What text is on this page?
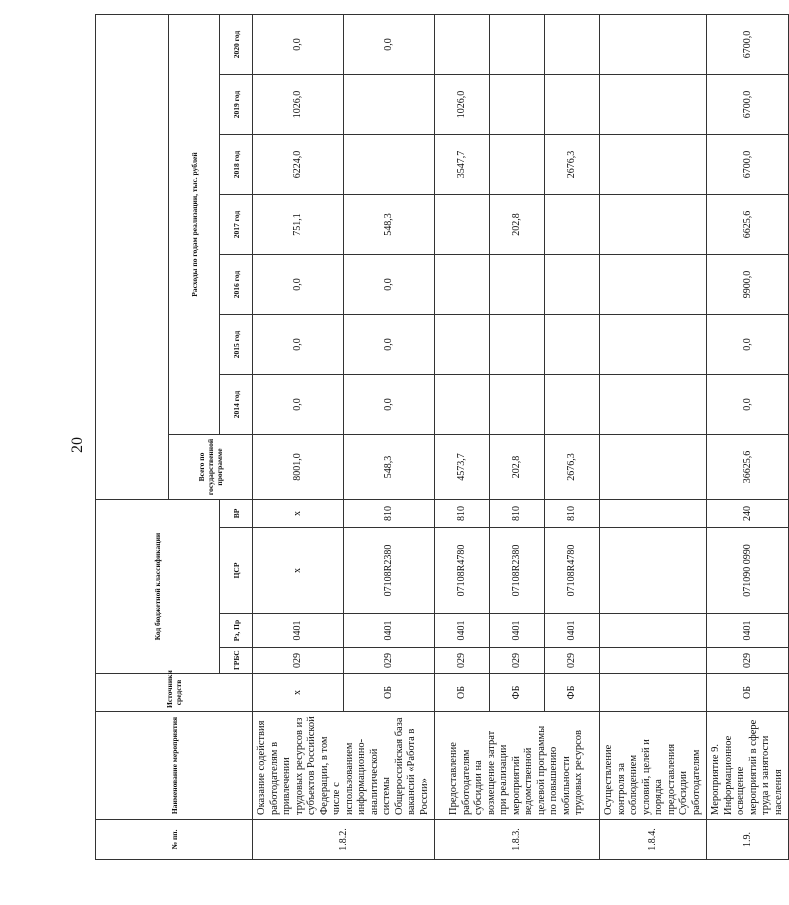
20
№ пп.	Наименование мероприятия	Источники средств	Код бюджетной классификации											
							Всего по государственной программе	Расходы по годам реализации, тыс. рублей						
			ГРБС	Рз, Пр	ЦСР	ВР		2014 год	2015 год	2016 год	2017 год	2018 год	2019 год	2020 год
1.8.2.	Оказание содействия работодателям в привлечении трудовых ресурсов из субъектов Российской Федерации, в том числе с использованием информационно-аналитической системы Общероссийская база вакансий «Работа в России»	х	029	0401	х	х	8001,0	0,0	0,0	0,0	751,1	6224,0	1026,0	0,0
		ОБ	029	0401	07108R2380	810	548,3	0,0	0,0	0,0	548,3			0,0
1.8.3.	Предоставление работодателям субсидии на возмещение затрат при реализации мероприятий ведомственной целевой программы по повышению мобильности трудовых ресурсов	ОБ	029	0401	07108R4780	810	4573,7					3547,7	1026,0	
		ФБ	029	0401	07108R2380	810	202,8				202,8			
		ФБ	029	0401	07108R4780	810	2676,3					2676,3		
1.8.4.	Осуществление контроля за соблюдением условий, целей и порядка предоставления Субсидии работодателям													
1.9.	Мероприятие 9. Информационное освещение мероприятий в сфере труда и занятости населения	ОБ	029	0401	071090 0990	240	36625,6	0,0	0,0	9900,0	6625,6	6700,0	6700,0	6700,0
